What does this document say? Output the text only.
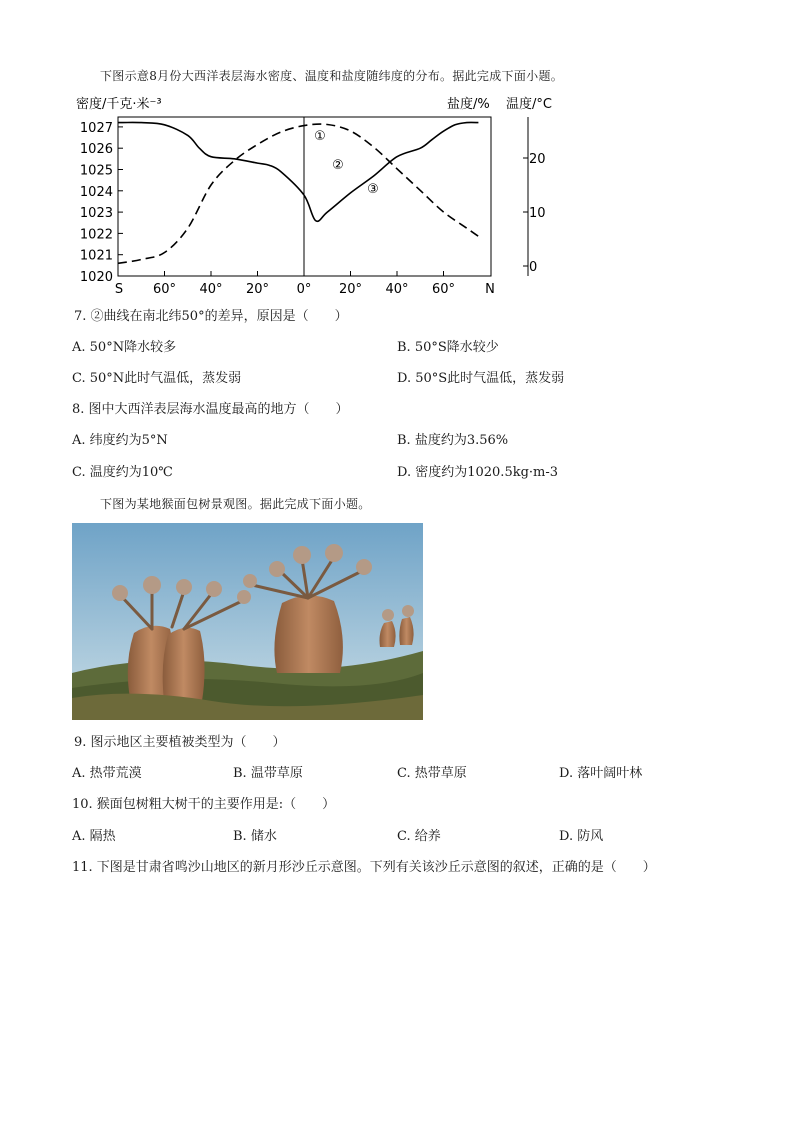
下图示意8月份大西洋表层海水密度、温度和盐度随纬度的分布。据此完成下面小题。
密度/千克·米⁻³	盐度/% 温度/°C
1027
1026
1025
1024
1023
1022
1021
1020
20
10
0
S 60° 40° 20° 0° 20° 40° 60° N
①
②
③
7. ②曲线在南北纬50°的差异，原因是（　　）
A. 50°N降水较多	B. 50°S降水较少
C. 50°N此时气温低，蒸发弱	D. 50°S此时气温低，蒸发弱
8. 图中大西洋表层海水温度最高的地方（　　）
A. 纬度约为5°N	B. 盐度约为3.56%
C. 温度约为10℃	D. 密度约为1020.5kg·m-3
下图为某地猴面包树景观图。据此完成下面小题。
9. 图示地区主要植被类型为（　　）
A. 热带荒漠	B. 温带草原	C. 热带草原	D. 落叶阔叶林
10. 猴面包树粗大树干的主要作用是:（　　）
A. 隔热	B. 储水	C. 给养	D. 防风
11. 下图是甘肃省鸣沙山地区的新月形沙丘示意图。下列有关该沙丘示意图的叙述，正确的是（　　）
